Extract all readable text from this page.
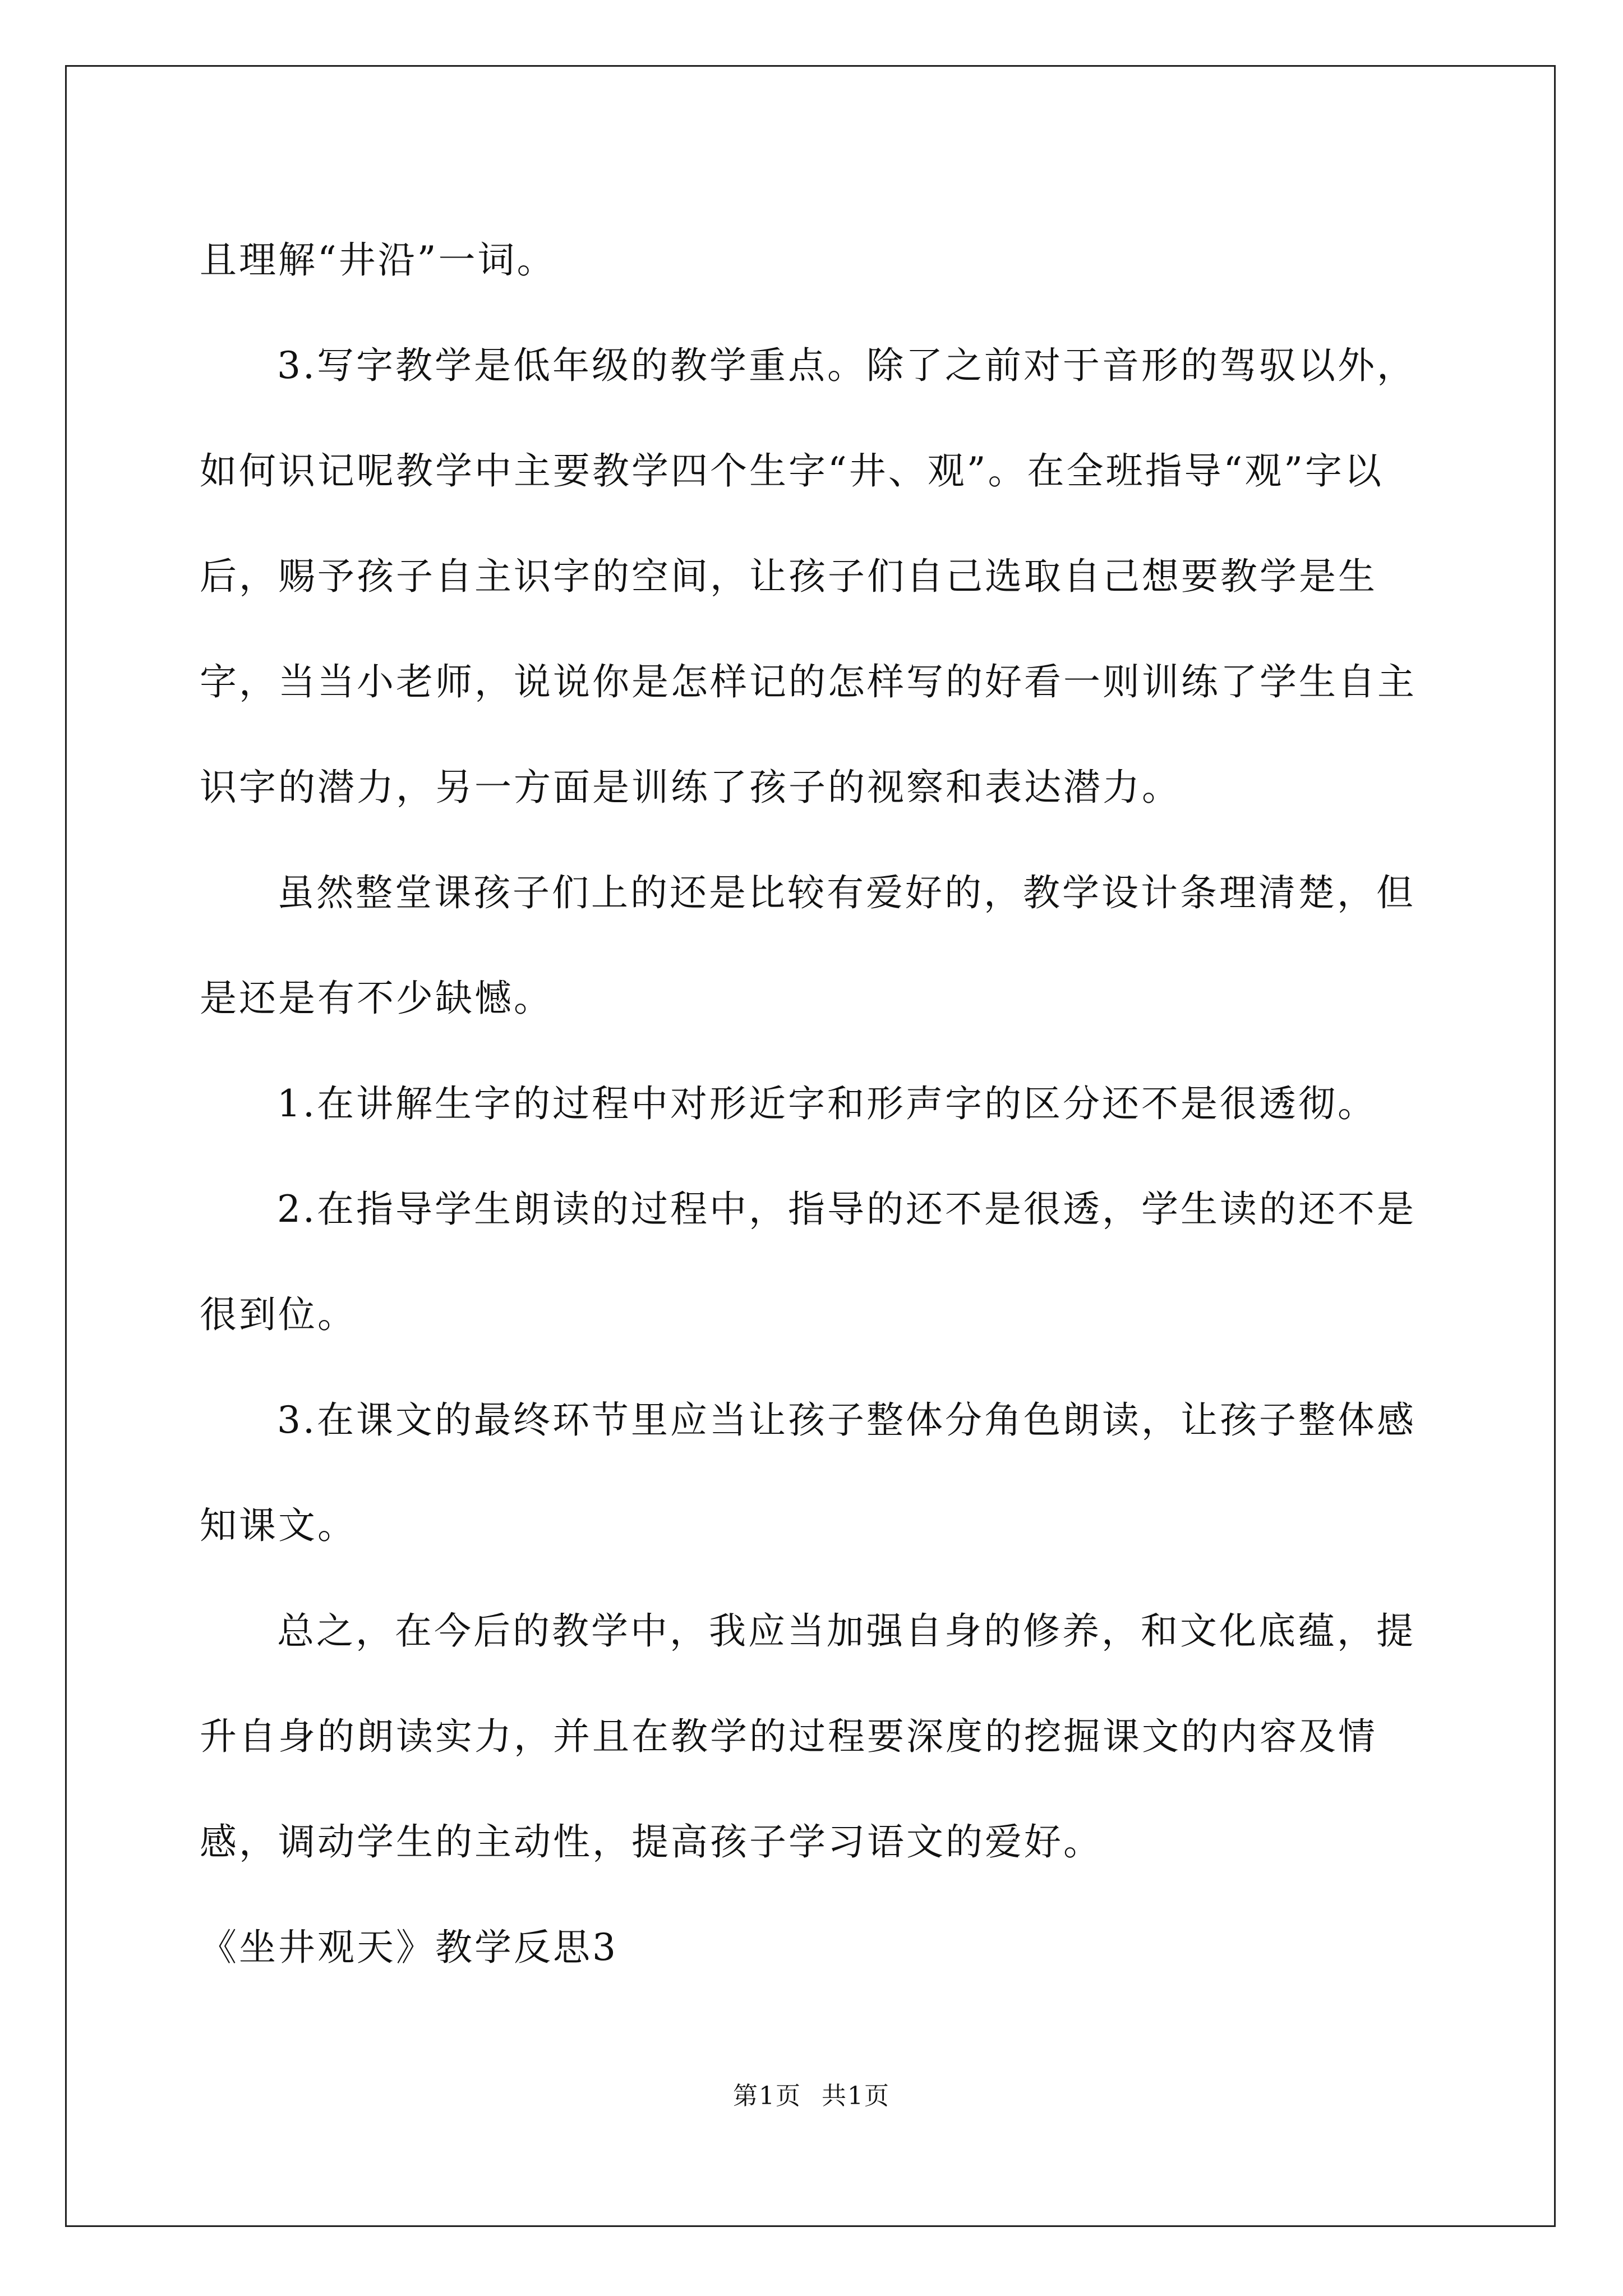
且理解“井沿”一词。

3.写字教学是低年级的教学重点。除了之前对于音形的驾驭以外，如何识记呢教学中主要教学四个生字“井、观”。在全班指导“观”字以后，赐予孩子自主识字的空间，让孩子们自己选取自己想要教学是生字，当当小老师，说说你是怎样记的怎样写的好看一则训练了学生自主识字的潜力，另一方面是训练了孩子的视察和表达潜力。

虽然整堂课孩子们上的还是比较有爱好的，教学设计条理清楚，但是还是有不少缺憾。

1.在讲解生字的过程中对形近字和形声字的区分还不是很透彻。

2.在指导学生朗读的过程中，指导的还不是很透，学生读的还不是很到位。

3.在课文的最终环节里应当让孩子整体分角色朗读，让孩子整体感知课文。

总之，在今后的教学中，我应当加强自身的修养，和文化底蕴，提升自身的朗读实力，并且在教学的过程要深度的挖掘课文的内容及情感，调动学生的主动性，提高孩子学习语文的爱好。

《坐井观天》教学反思3

第1页 共1页
